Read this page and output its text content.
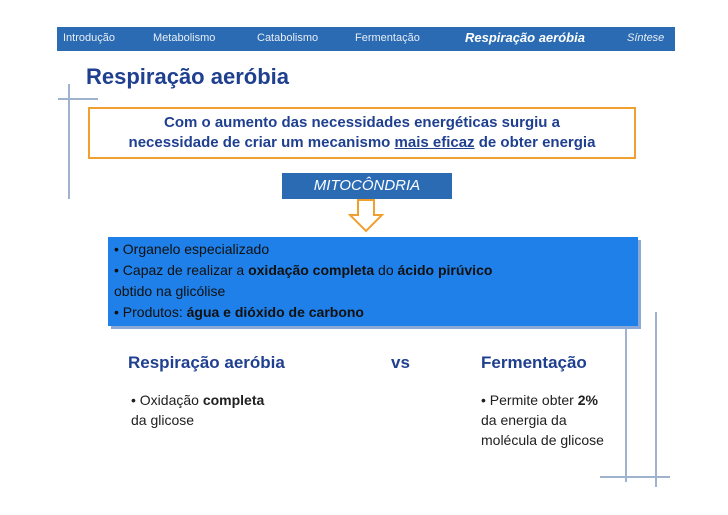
Introdução	Metabolismo	Catabolismo	Fermentação	Respiração aeróbia	Síntese
Respiração aeróbia
Com o aumento das necessidades energéticas surgiu a
necessidade de criar um mecanismo mais eficaz de obter energia
MITOCÔNDRIA
• Organelo especializado
• Capaz de realizar a oxidação completa do ácido pirúvico
obtido na glicólise
• Produtos: água e dióxido de carbono
Respiração aeróbia	vs	Fermentação
• Oxidação completa
da glicose
• Permite obter 2%
da energia da
molécula de glicose
